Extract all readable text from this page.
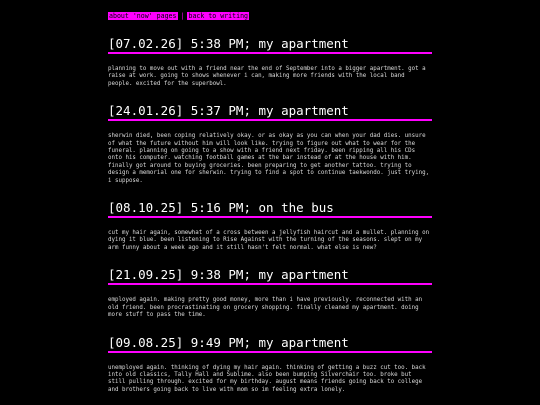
about 'now' pages | back to writing
[07.02.26] 5:38 PM; my apartment

planning to move out with a friend near the end of September into a bigger apartment. got a raise at work. going to shows whenever i can, making more friends with the local band people. excited for the superbowl.

[24.01.26] 5:37 PM; my apartment

sherwin died, been coping relatively okay. or as okay as you can when your dad dies. unsure of what the future without him will look like. trying to figure out what to wear for the funeral. planning on going to a show with a friend next friday. been ripping all his CDs onto his computer. watching football games at the bar instead of at the house with him. finally got around to buying groceries. been preparing to get another tattoo. trying to design a memorial one for sherwin. trying to find a spot to continue taekwondo. just trying, i suppose.

[08.10.25] 5:16 PM; on the bus

cut my hair again, somewhat of a cross between a jellyfish haircut and a mullet. planning on dying it blue. been listening to Rise Against with the turning of the seasons. slept on my arm funny about a week ago and it still hasn't felt normal. what else is new?

[21.09.25] 9:38 PM; my apartment

employed again. making pretty good money, more than i have previously. reconnected with an old friend. been procrastinating on grocery shopping. finally cleaned my apartment. doing more stuff to pass the time.

[09.08.25] 9:49 PM; my apartment

unemployed again. thinking of dying my hair again. thinking of getting a buzz cut too. back into old classics, Tally Hall and Sublime. also been bumping Silverchair too. broke but still pulling through. excited for my birthday. august means friends going back to college and brothers going back to live with mom so im feeling extra lonely.
